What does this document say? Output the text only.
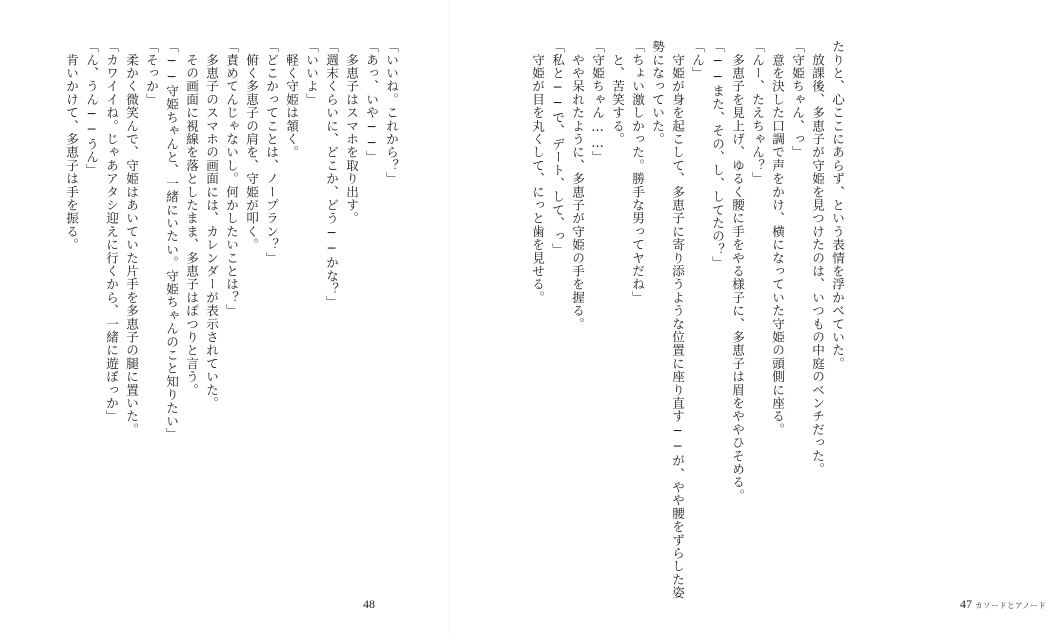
「いいね。これから？」
「あっ、いや──」
　多恵子はスマホを取り出す。
「週末くらいに、どこか、どう──かな？」
「いいよ」
　軽く守姫は頷く。
「どこかってことは、ノープラン？」
　俯く多恵子の肩を、守姫が叩く。
「責めてんじゃないし。何かしたいことは？」
　多恵子のスマホの画面には、カレンダーが表示されていた。
　その画面に視線を落としたまま、多恵子はぽつりと言う。
「──守姫ちゃんと、一緒にいたい。守姫ちゃんのこと知りたい」
「そっか」
　柔かく微笑んで、守姫はあいていた片手を多恵子の腿に置いた。
「カワイイね。じゃあアタシ迎えに行くから、一緒に遊ぼっか」
「ん、うん──うん」
　肯いかけて、多恵子は手を振る。
48
たりと、心ここにあらず、という表情を浮かべていた。
　放課後、多恵子が守姫を見つけたのは、いつもの中庭のベンチだった。
「守姫ちゃん、っ」
　意を決した口調で声をかけ、横になっていた守姫の頭側に座る。
「んー、たえちゃん？」
　多恵子を見上げ、ゆるく腰に手をやる様子に、多恵子は眉をややひそめる。
「──また、その、し、してたの？」
「ん」
　守姫が身を起こして、多恵子に寄り添うような位置に座り直す──が、やや腰をずらした姿
勢になっていた。
「ちょい激しかった。勝手な男ってヤだね」
　と、苦笑する。
「守姫ちゃん……」
　やや呆れたように、多恵子が守姫の手を握る。
「私と──で、デート、して、っ」
　守姫が目を丸くして、にっと歯を見せる。
47 カソードとアノード
